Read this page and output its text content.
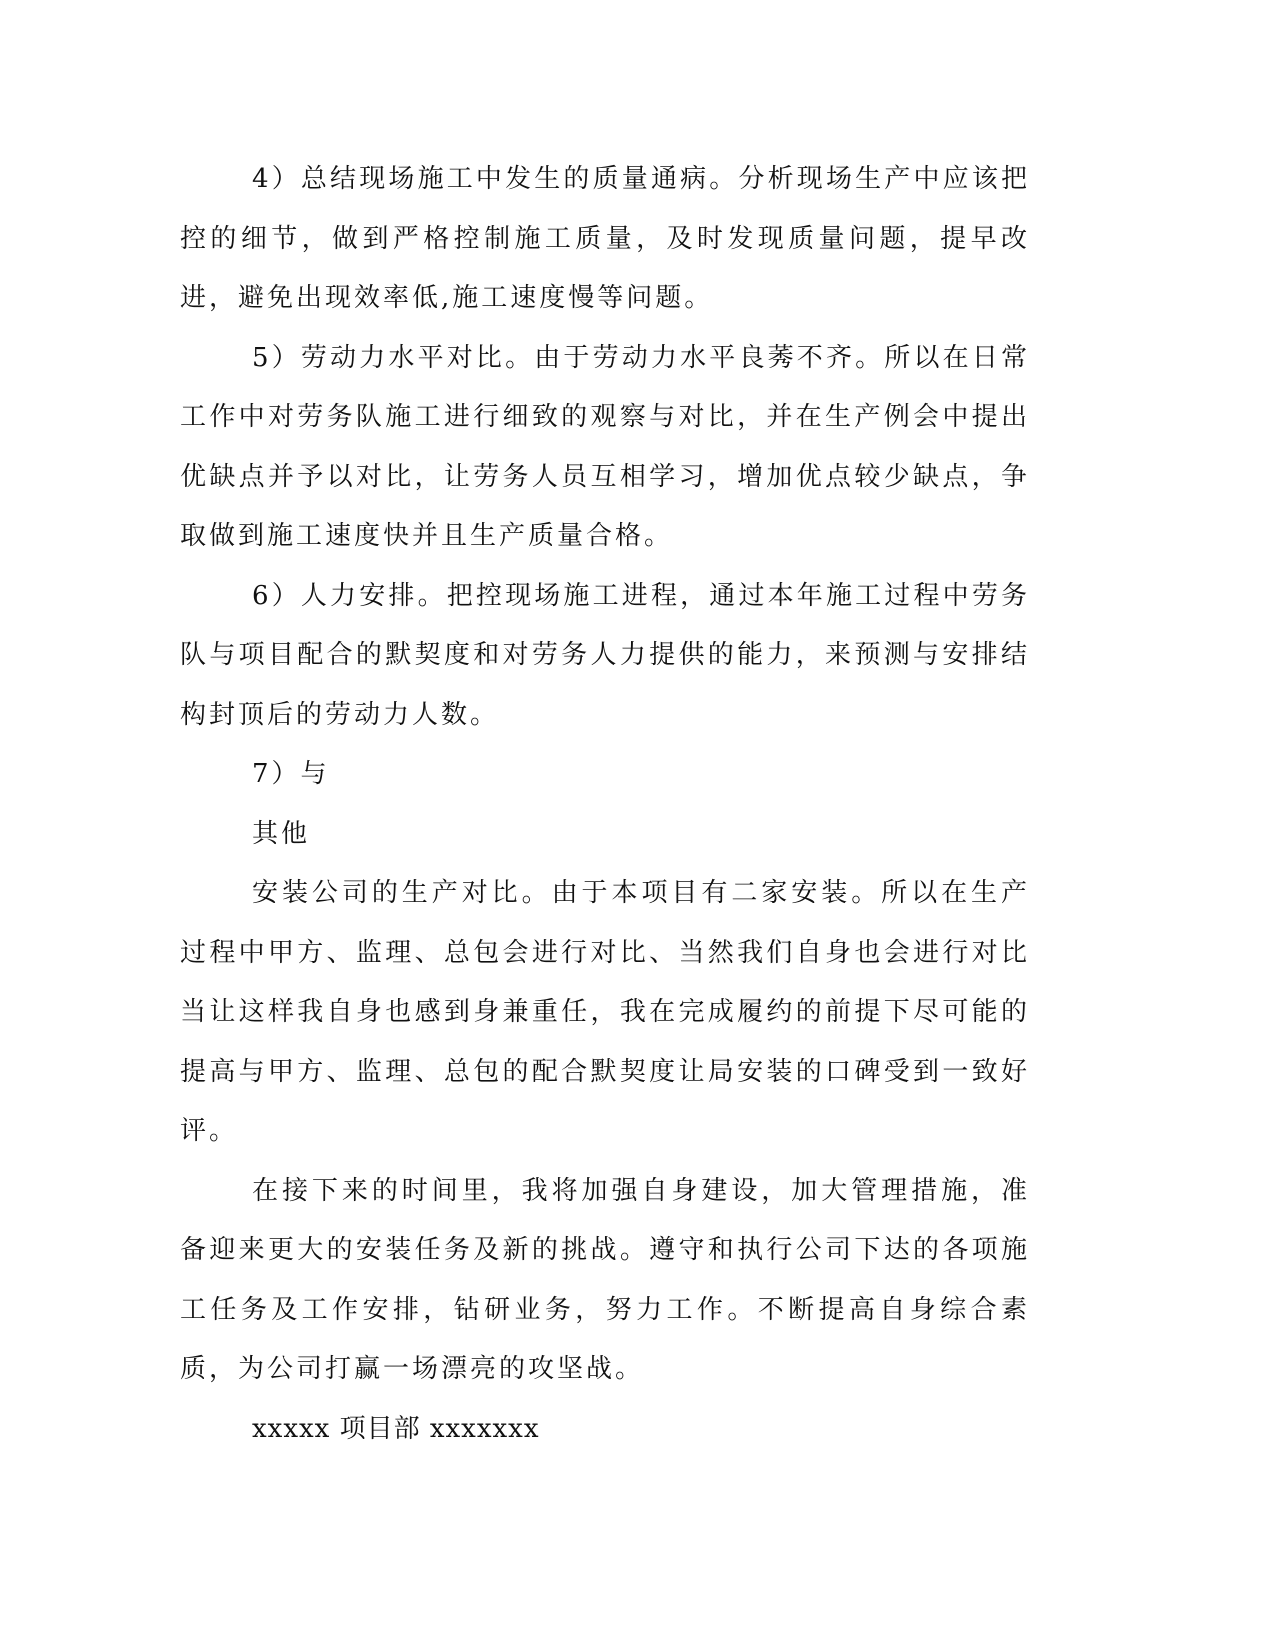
4）总结现场施工中发生的质量通病。分析现场生产中应该把控的细节，做到严格控制施工质量，及时发现质量问题，提早改进，避免出现效率低,施工速度慢等问题。

5）劳动力水平对比。由于劳动力水平良莠不齐。所以在日常工作中对劳务队施工进行细致的观察与对比，并在生产例会中提出优缺点并予以对比，让劳务人员互相学习，增加优点较少缺点，争取做到施工速度快并且生产质量合格。

6）人力安排。把控现场施工进程，通过本年施工过程中劳务队与项目配合的默契度和对劳务人力提供的能力，来预测与安排结构封顶后的劳动力人数。

7）与

其他

安装公司的生产对比。由于本项目有二家安装。所以在生产过程中甲方、监理、总包会进行对比、当然我们自身也会进行对比当让这样我自身也感到身兼重任，我在完成履约的前提下尽可能的提高与甲方、监理、总包的配合默契度让局安装的口碑受到一致好评。

在接下来的时间里，我将加强自身建设，加大管理措施，准备迎来更大的安装任务及新的挑战。遵守和执行公司下达的各项施工任务及工作安排，钻研业务，努力工作。不断提高自身综合素质，为公司打赢一场漂亮的攻坚战。

xxxxx 项目部 xxxxxxx
